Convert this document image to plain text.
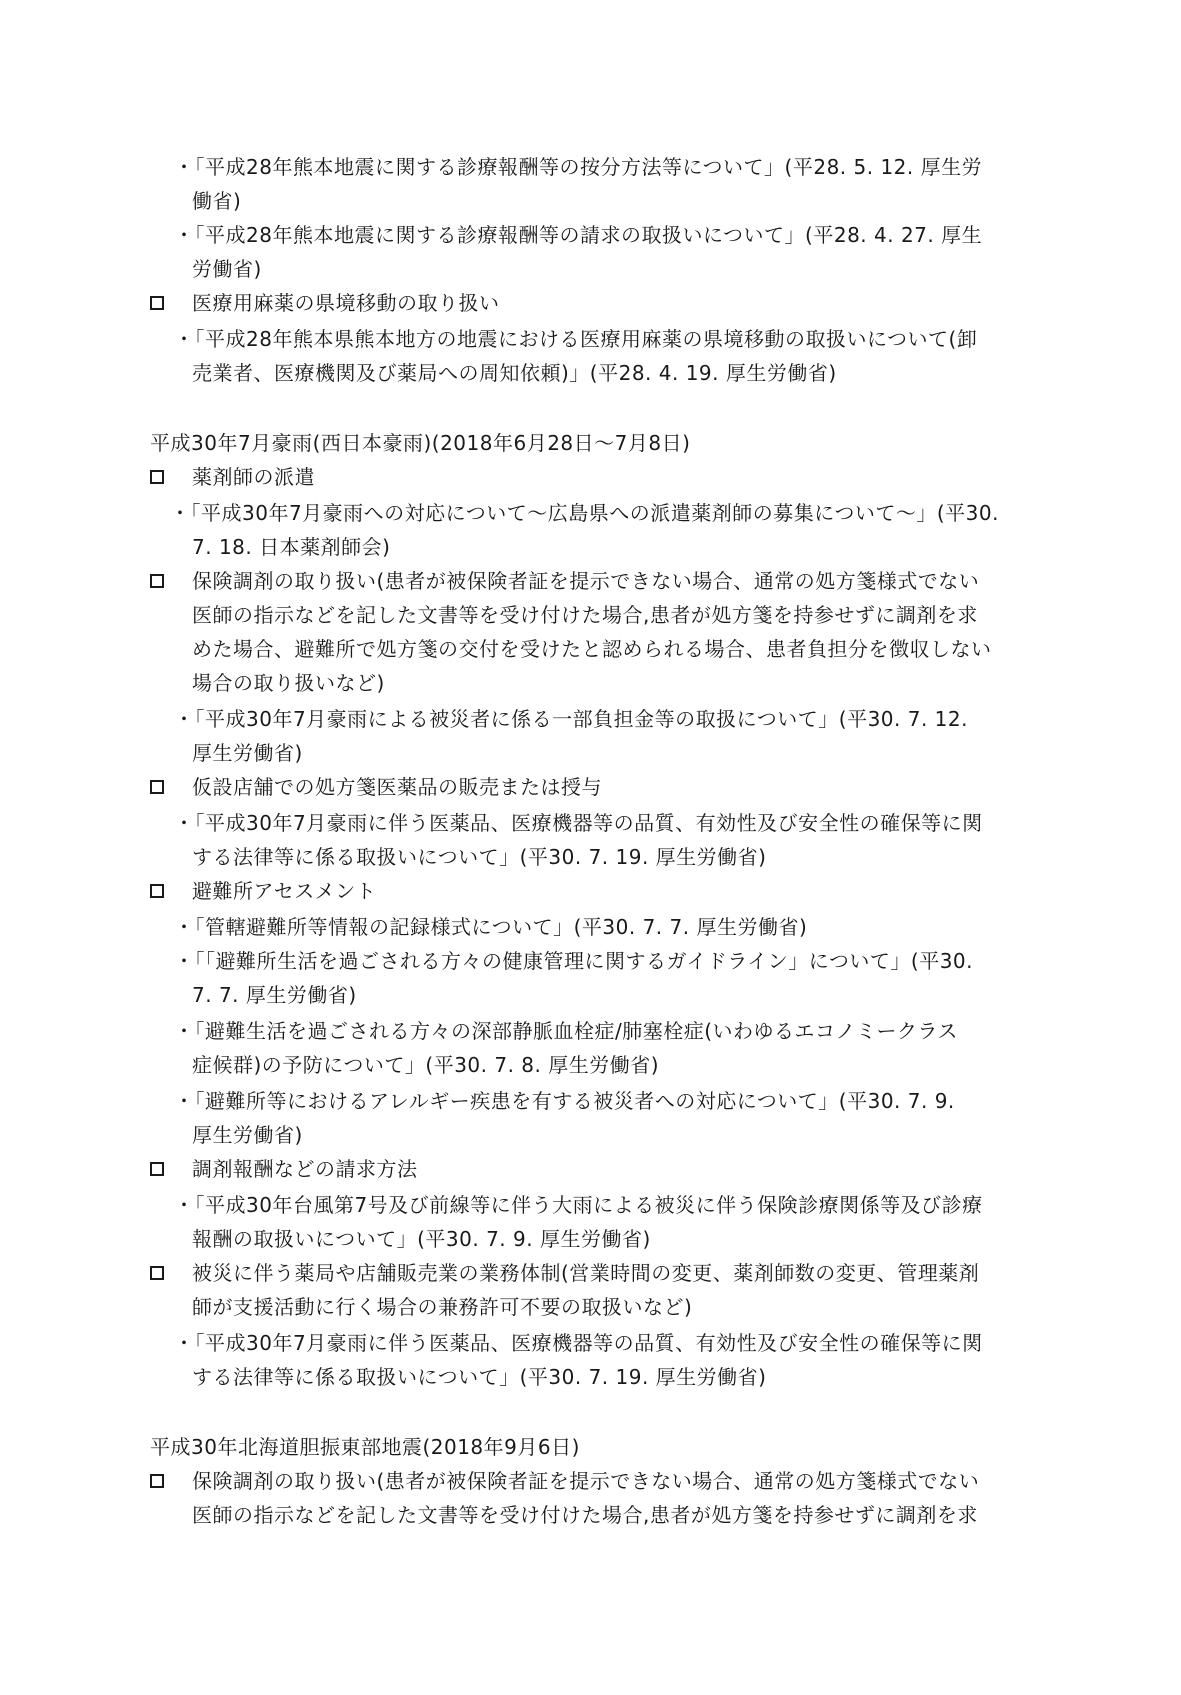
・「平成28年熊本地震に関する診療報酬等の按分方法等について」(平28. 5. 12. 厚生労
働省)
・「平成28年熊本地震に関する診療報酬等の請求の取扱いについて」(平28. 4. 27. 厚生
労働省)
医療用麻薬の県境移動の取り扱い
・「平成28年熊本県熊本地方の地震における医療用麻薬の県境移動の取扱いについて(卸
売業者、医療機関及び薬局への周知依頼)」(平28. 4. 19. 厚生労働省)
平成30年7月豪雨(西日本豪雨)(2018年6月28日～7月8日)
薬剤師の派遣
・「平成30年7月豪雨への対応について～広島県への派遣薬剤師の募集について～」(平30.
7. 18. 日本薬剤師会)
保険調剤の取り扱い(患者が被保険者証を提示できない場合、通常の処方箋様式でない
医師の指示などを記した文書等を受け付けた場合,患者が処方箋を持参せずに調剤を求
めた場合、避難所で処方箋の交付を受けたと認められる場合、患者負担分を徴収しない
場合の取り扱いなど)
・「平成30年7月豪雨による被災者に係る一部負担金等の取扱について」(平30. 7. 12.
厚生労働省)
仮設店舗での処方箋医薬品の販売または授与
・「平成30年7月豪雨に伴う医薬品、医療機器等の品質、有効性及び安全性の確保等に関
する法律等に係る取扱いについて」(平30. 7. 19. 厚生労働省)
避難所アセスメント
・「管轄避難所等情報の記録様式について」(平30. 7. 7. 厚生労働省)
・「「避難所生活を過ごされる方々の健康管理に関するガイドライン」について」(平30.
7. 7. 厚生労働省)
・「避難生活を過ごされる方々の深部静脈血栓症/肺塞栓症(いわゆるエコノミークラス
症候群)の予防について」(平30. 7. 8. 厚生労働省)
・「避難所等におけるアレルギー疾患を有する被災者への対応について」(平30. 7. 9.
厚生労働省)
調剤報酬などの請求方法
・「平成30年台風第7号及び前線等に伴う大雨による被災に伴う保険診療関係等及び診療
報酬の取扱いについて」(平30. 7. 9. 厚生労働省)
被災に伴う薬局や店舗販売業の業務体制(営業時間の変更、薬剤師数の変更、管理薬剤
師が支援活動に行く場合の兼務許可不要の取扱いなど)
・「平成30年7月豪雨に伴う医薬品、医療機器等の品質、有効性及び安全性の確保等に関
する法律等に係る取扱いについて」(平30. 7. 19. 厚生労働省)
平成30年北海道胆振東部地震(2018年9月6日)
保険調剤の取り扱い(患者が被保険者証を提示できない場合、通常の処方箋様式でない
医師の指示などを記した文書等を受け付けた場合,患者が処方箋を持参せずに調剤を求
